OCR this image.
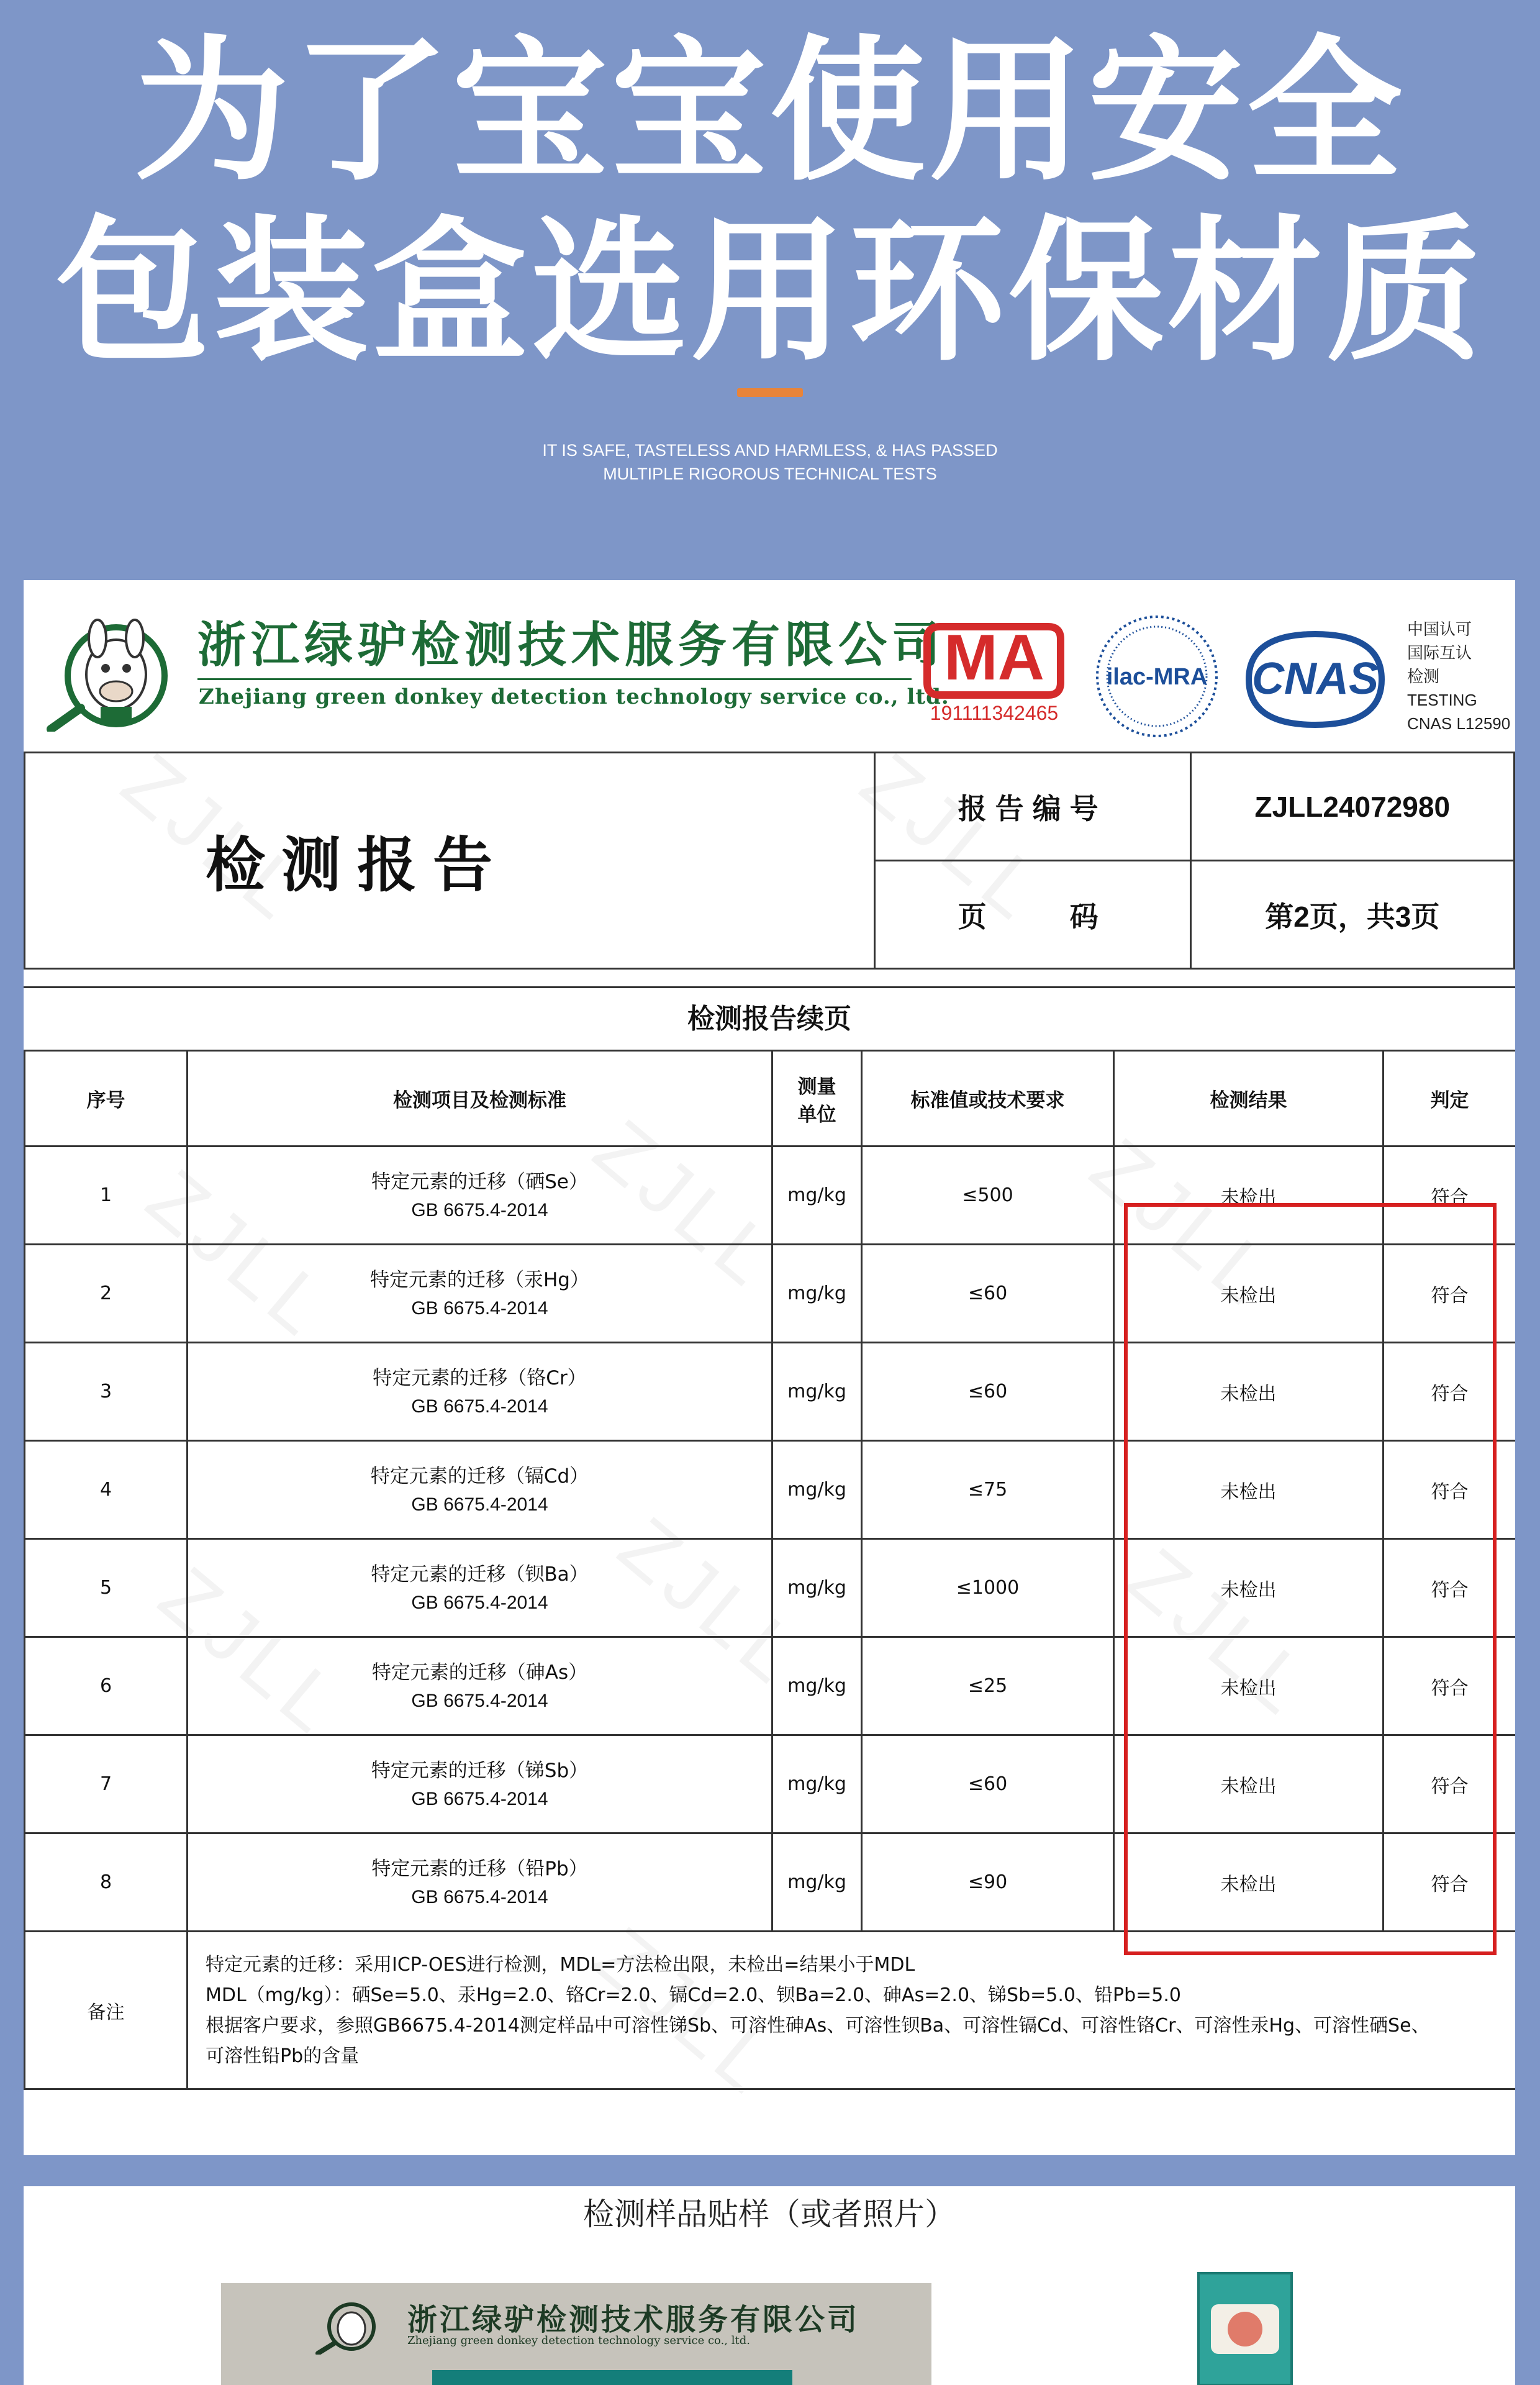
为了宝宝使用安全
包装盒选用环保材质
IT IS SAFE, TASTELESS AND HARMLESS, & HAS PASSED
MULTIPLE RIGOROUS TECHNICAL TESTS
浙江绿驴检测技术服务有限公司
Zhejiang green donkey detection technology service co., ltd.
MA
191111342465
ilac-MRA CNAS
中国认可
国际互认
检测
TESTING
CNAS L12590
检测报告	报告编号	ZJLL24072980
	页    码	第2页，共3页
检测报告续页
序号	检测项目及检测标准	测量
单位	标准值或技术要求	检测结果	判定
1	特定元素的迁移（硒Se）
GB 6675.4-2014	mg/kg	≤500	未检出	符合
2	特定元素的迁移（汞Hg）
GB 6675.4-2014	mg/kg	≤60	未检出	符合
3	特定元素的迁移（铬Cr）
GB 6675.4-2014	mg/kg	≤60	未检出	符合
4	特定元素的迁移（镉Cd）
GB 6675.4-2014	mg/kg	≤75	未检出	符合
5	特定元素的迁移（钡Ba）
GB 6675.4-2014	mg/kg	≤1000	未检出	符合
6	特定元素的迁移（砷As）
GB 6675.4-2014	mg/kg	≤25	未检出	符合
7	特定元素的迁移（锑Sb）
GB 6675.4-2014	mg/kg	≤60	未检出	符合
8	特定元素的迁移（铅Pb）
GB 6675.4-2014	mg/kg	≤90	未检出	符合
备注	特定元素的迁移：采用ICP-OES进行检测，MDL=方法检出限，未检出=结果小于MDL
MDL（mg/kg）：硒Se=5.0、汞Hg=2.0、铬Cr=2.0、镉Cd=2.0、钡Ba=2.0、砷As=2.0、锑Sb=5.0、铅Pb=5.0
根据客户要求，参照GB6675.4-2014测定样品中可溶性锑Sb、可溶性砷As、可溶性钡Ba、可溶性镉Cd、可溶性铬Cr、可溶性汞Hg、可溶性硒Se、
可溶性铅Pb的含量				
检测样品贴样（或者照片）
浙江绿驴检测技术服务有限公司
Zhejiang green donkey detection technology service co., ltd.
